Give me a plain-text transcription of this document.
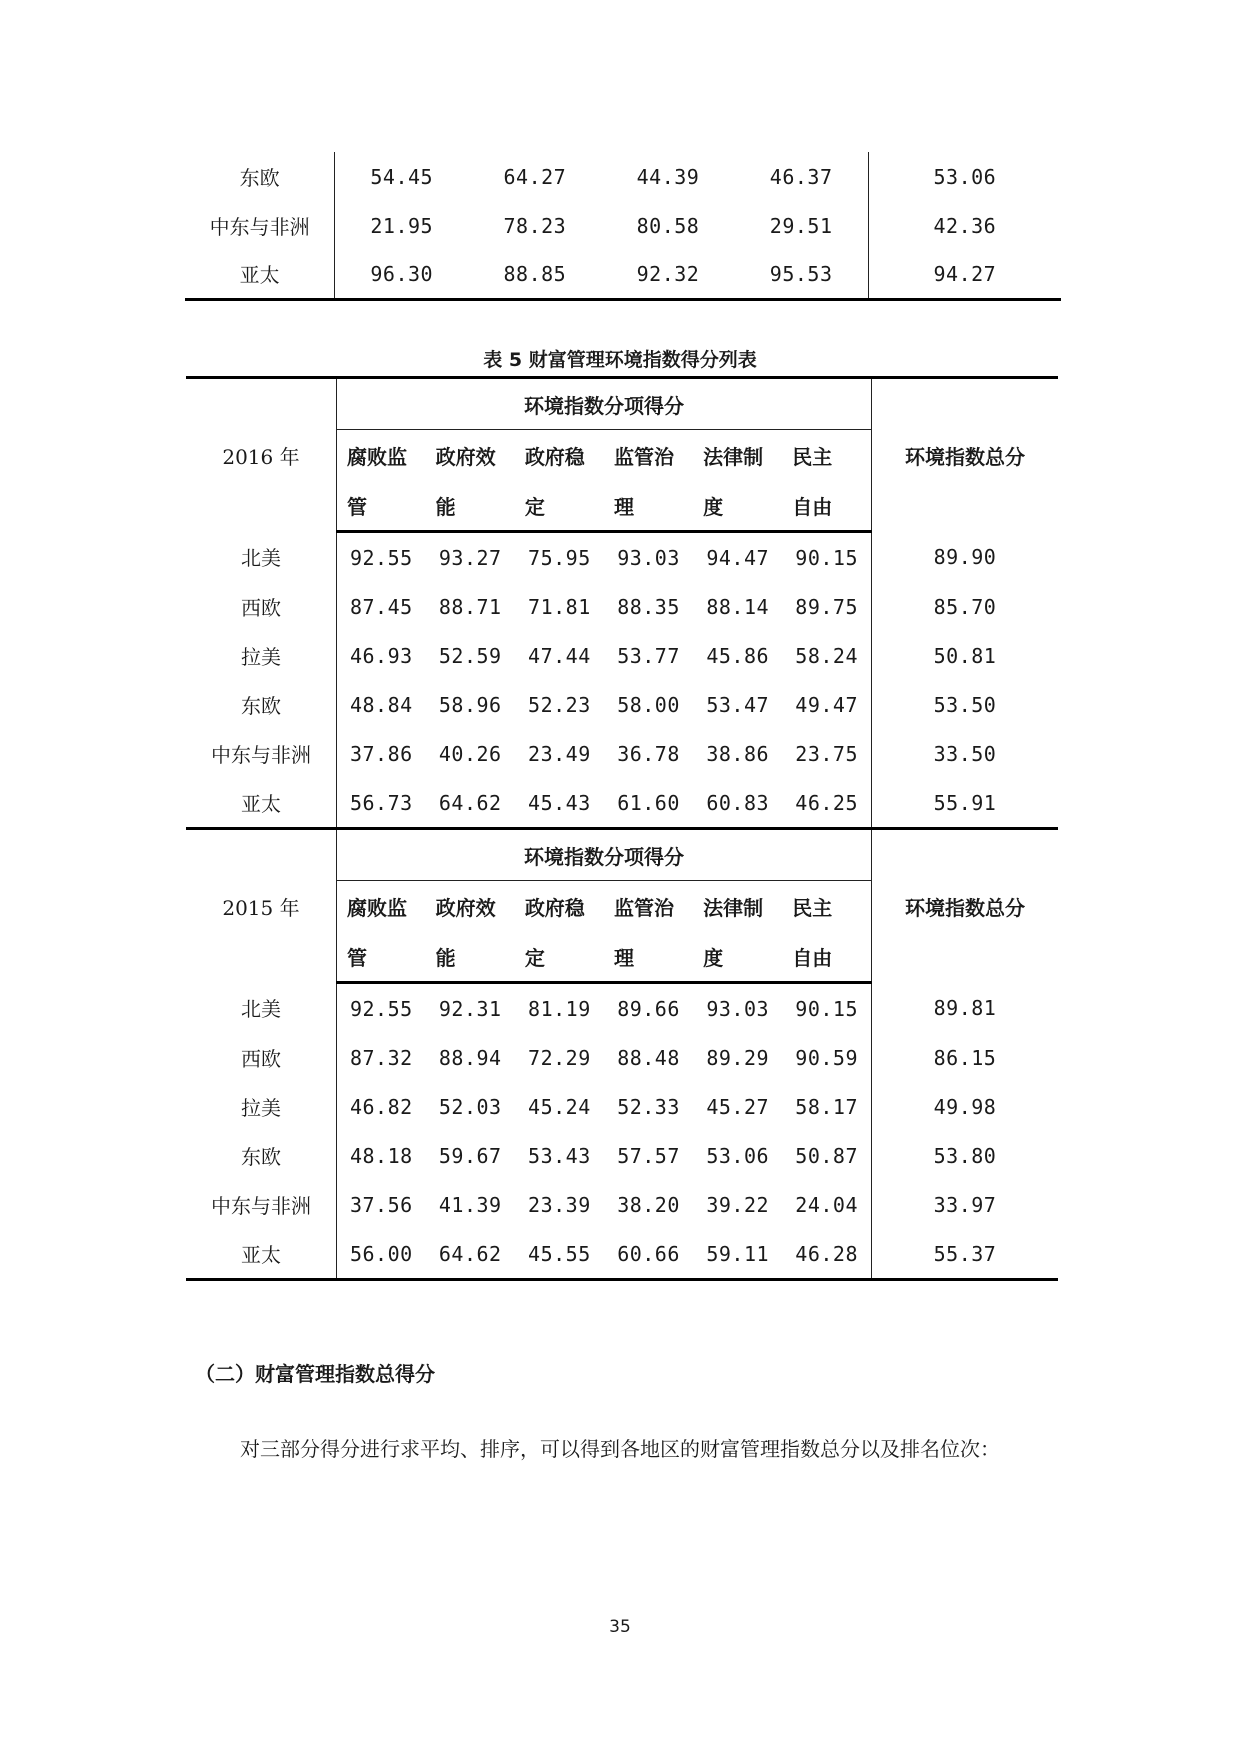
东欧	54.45	64.27	44.39	46.37	53.06
中东与非洲	21.95	78.23	80.58	29.51	42.36
亚太	96.30	88.85	92.32	95.53	94.27
表 5 财富管理环境指数得分列表
2016 年	环境指数分项得分						环境指数总分
	腐败监	政府效	政府稳	监管治	法律制	民主	
	管	能	定	理	度	自由	
北美	92.55	93.27	75.95	93.03	94.47	90.15	89.90
西欧	87.45	88.71	71.81	88.35	88.14	89.75	85.70
拉美	46.93	52.59	47.44	53.77	45.86	58.24	50.81
东欧	48.84	58.96	52.23	58.00	53.47	49.47	53.50
中东与非洲	37.86	40.26	23.49	36.78	38.86	23.75	33.50
亚太	56.73	64.62	45.43	61.60	60.83	46.25	55.91
2015 年	环境指数分项得分						环境指数总分
	腐败监	政府效	政府稳	监管治	法律制	民主	
	管	能	定	理	度	自由	
北美	92.55	92.31	81.19	89.66	93.03	90.15	89.81
西欧	87.32	88.94	72.29	88.48	89.29	90.59	86.15
拉美	46.82	52.03	45.24	52.33	45.27	58.17	49.98
东欧	48.18	59.67	53.43	57.57	53.06	50.87	53.80
中东与非洲	37.56	41.39	23.39	38.20	39.22	24.04	33.97
亚太	56.00	64.62	45.55	60.66	59.11	46.28	55.37
（二）财富管理指数总得分
对三部分得分进行求平均、排序，可以得到各地区的财富管理指数总分以及排名位次：
35
